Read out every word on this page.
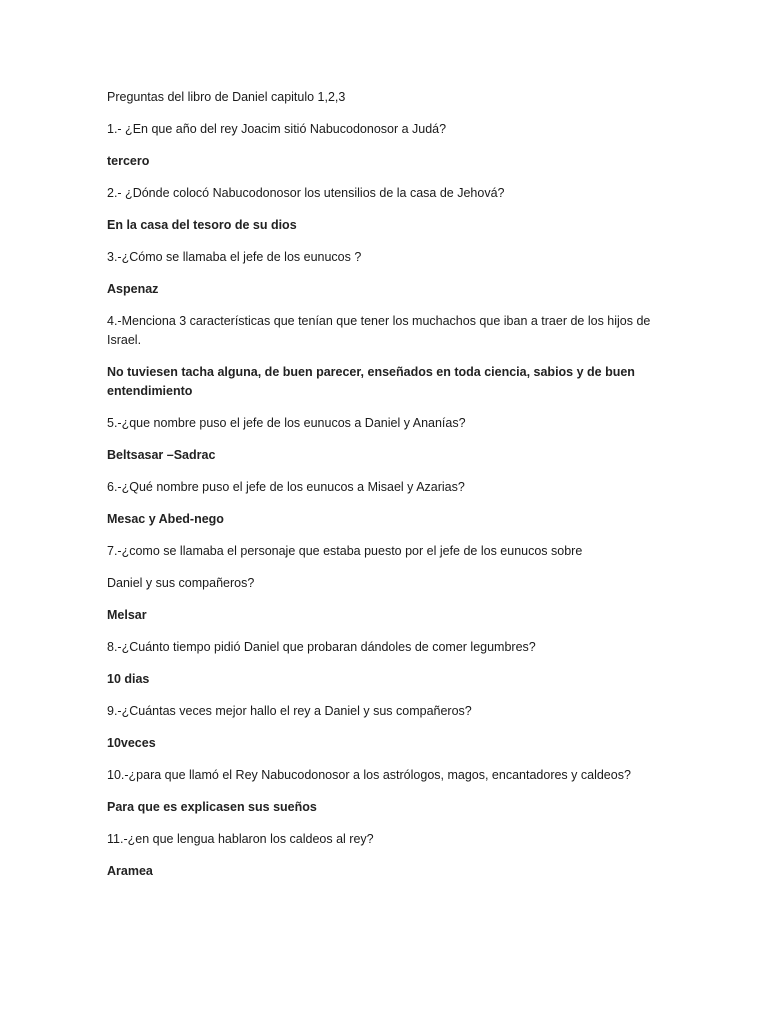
Preguntas del libro de Daniel capitulo 1,2,3
1.- ¿En que año del rey Joacim sitió Nabucodonosor a Judá?
tercero
2.- ¿Dónde colocó Nabucodonosor los utensilios de la casa de Jehová?
En la casa del tesoro de su dios
3.-¿Cómo se llamaba el jefe de los eunucos ?
Aspenaz
4.-Menciona 3 características que tenían que tener los muchachos que iban a traer de los hijos de Israel.
No tuviesen tacha alguna, de buen parecer, enseñados en toda ciencia, sabios y de buen entendimiento
5.-¿que nombre puso el jefe de los eunucos a Daniel y Ananías?
Beltsasar –Sadrac
6.-¿Qué nombre puso el jefe de los eunucos a Misael y Azarias?
Mesac y Abed-nego
7.-¿como se llamaba el personaje que estaba puesto por el jefe de los eunucos sobre
Daniel y sus compañeros?
Melsar
8.-¿Cuánto tiempo pidió Daniel que probaran dándoles de comer legumbres?
10 dias
9.-¿Cuántas veces mejor hallo el rey a Daniel y sus compañeros?
10veces
10.-¿para que llamó el Rey Nabucodonosor a los astrólogos, magos, encantadores y caldeos?
Para que es explicasen sus sueños
11.-¿en que lengua hablaron los caldeos al rey?
Aramea
